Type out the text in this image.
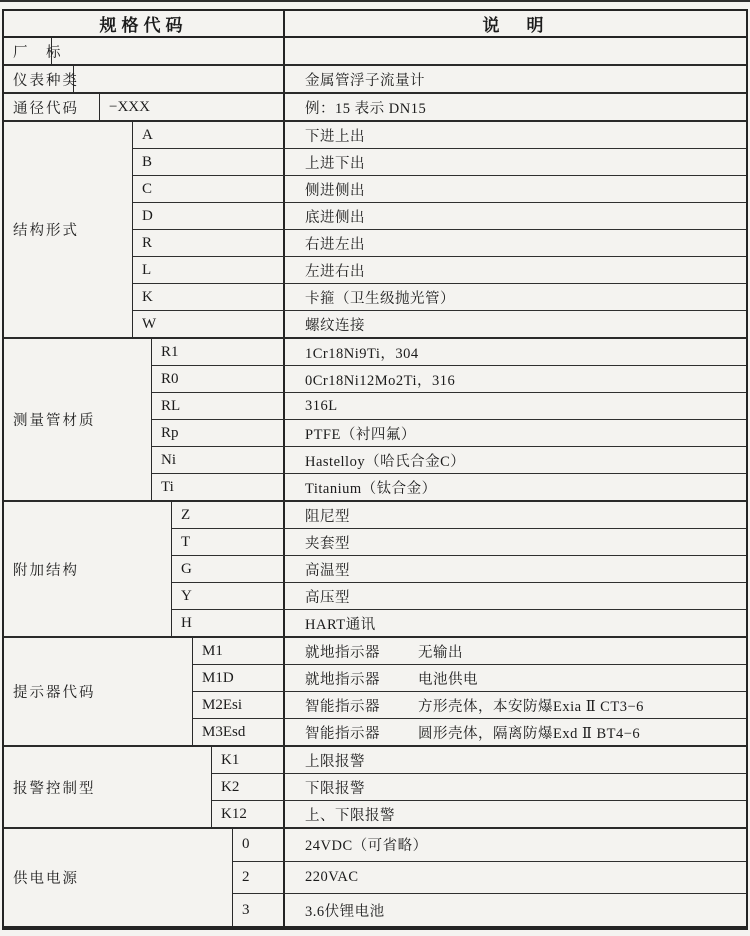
规格代码	说　明
厂　标
仪表种类	金属管浮子流量计
通径代码	−XXX	例：15 表示 DN15
结构形式
A	下进上出
B	上进下出
C	侧进侧出
D	底进侧出
R	右进左出
L	左进右出
K	卡箍（卫生级抛光管）
W	螺纹连接
测量管材质
R1	1Cr18Ni9Ti，304
R0	0Cr18Ni12Mo2Ti，316
RL	316L
Rp	PTFE（衬四氟）
Ni	Hastelloy（哈氏合金C）
Ti	Titanium（钛合金）
附加结构
Z	阻尼型
T	夹套型
G	高温型
Y	高压型
H	HART通讯
提示器代码
M1	就地指示器	无输出
M1D	就地指示器	电池供电
M2Esi	智能指示器	方形壳体，本安防爆Exia Ⅱ CT3−6
M3Esd	智能指示器	圆形壳体，隔离防爆Exd Ⅱ BT4−6
报警控制型
K1	上限报警
K2	下限报警
K12	上、下限报警
供电电源
0	24VDC（可省略）
2	220VAC
3	3.6伏锂电池
